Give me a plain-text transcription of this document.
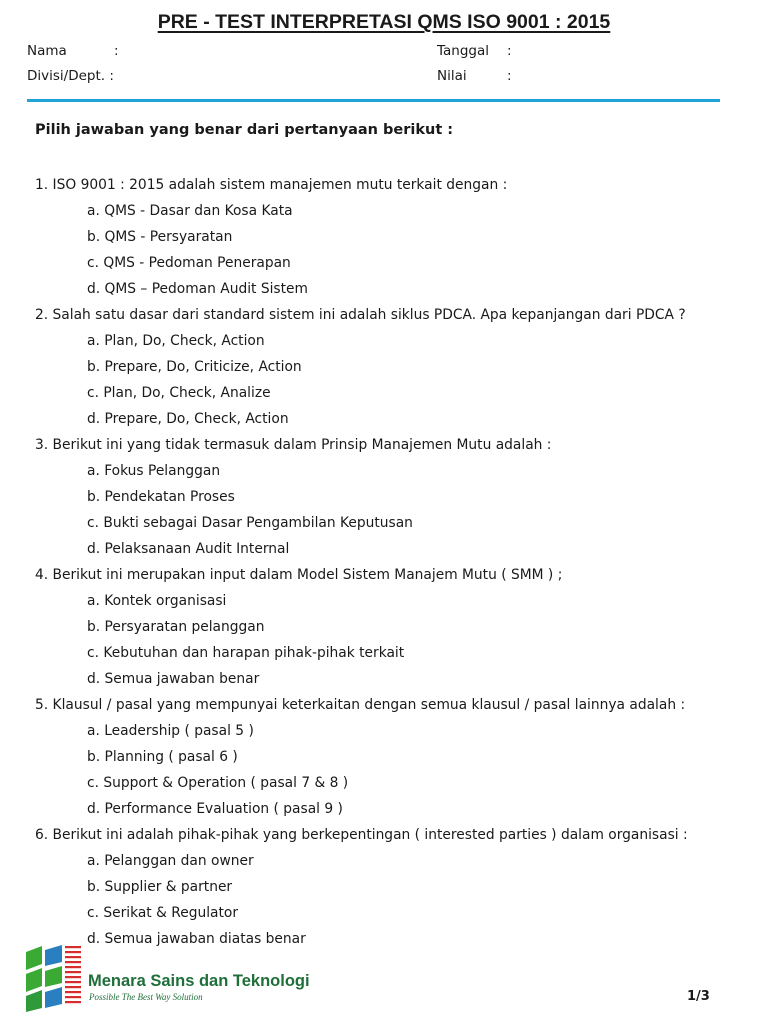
PRE - TEST INTERPRETASI QMS ISO 9001 : 2015
Nama	:	Tanggal :
Divisi/Dept. :	Nilai	:
Pilih jawaban yang benar dari pertanyaan berikut :
1. ISO 9001 : 2015 adalah sistem manajemen mutu terkait dengan :
a. QMS - Dasar dan Kosa Kata
b. QMS - Persyaratan
c. QMS - Pedoman Penerapan
d. QMS – Pedoman Audit Sistem
2. Salah satu dasar dari standard sistem ini adalah siklus PDCA. Apa kepanjangan dari PDCA ?
a. Plan, Do, Check, Action
b. Prepare, Do, Criticize, Action
c. Plan, Do, Check, Analize
d. Prepare, Do, Check, Action
3. Berikut ini yang tidak termasuk dalam Prinsip Manajemen Mutu adalah :
a. Fokus Pelanggan
b. Pendekatan Proses
c. Bukti sebagai Dasar Pengambilan Keputusan
d. Pelaksanaan Audit Internal
4. Berikut ini merupakan input dalam Model Sistem Manajem Mutu ( SMM ) ;
a. Kontek organisasi
b. Persyaratan pelanggan
c. Kebutuhan dan harapan pihak-pihak terkait
d. Semua jawaban benar
5. Klausul / pasal yang mempunyai keterkaitan dengan semua klausul / pasal lainnya adalah :
a. Leadership ( pasal 5 )
b. Planning ( pasal 6 )
c. Support & Operation ( pasal 7 & 8 )
d. Performance Evaluation ( pasal 9 )
6. Berikut ini adalah pihak-pihak yang berkepentingan ( interested parties ) dalam organisasi :
a. Pelanggan dan owner
b. Supplier & partner
c. Serikat & Regulator
d. Semua jawaban diatas benar
Menara Sains dan Teknologi
Possible The Best Way Solution	1/3
